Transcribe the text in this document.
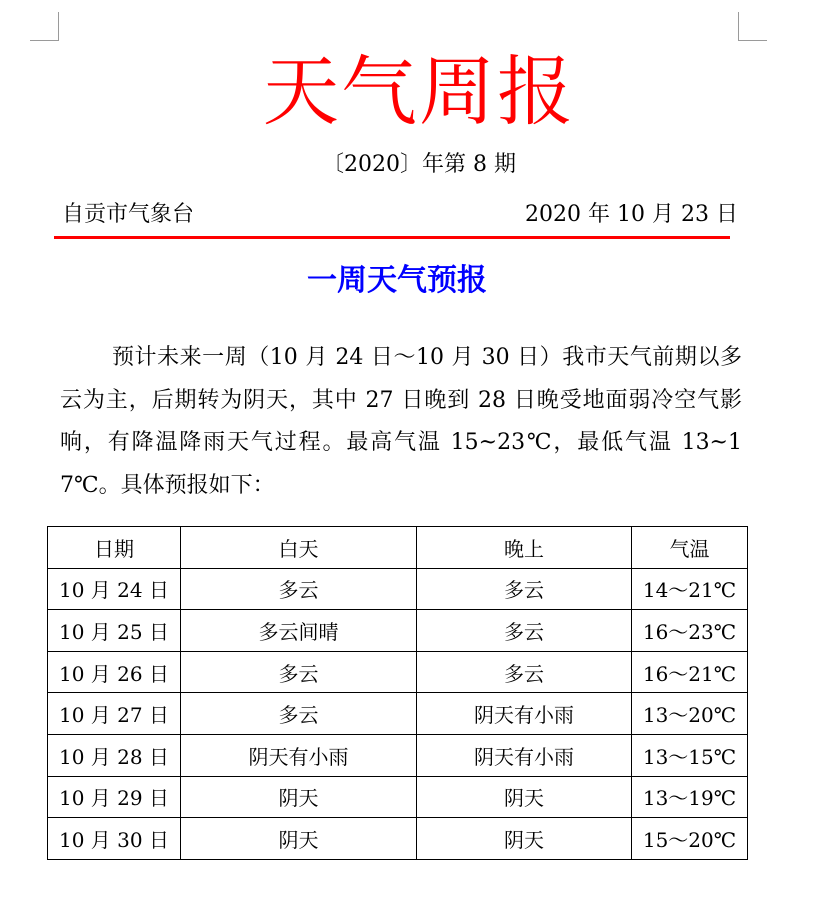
天气周报
〔2020〕年第 8 期
自贡市气象台	2020 年 10 月 23 日
一周天气预报

预计未来一周（10 月 24 日～10 月 30 日）我市天气前期以多云为主，后期转为阴天，其中 27 日晚到 28 日晚受地面弱冷空气影响，有降温降雨天气过程。最高气温 15~23℃，最低气温 13~17℃。具体预报如下：

日期	白天	晚上	气温
10 月 24 日	多云	多云	14～21℃
10 月 25 日	多云间晴	多云	16～23℃
10 月 26 日	多云	多云	16～21℃
10 月 27 日	多云	阴天有小雨	13～20℃
10 月 28 日	阴天有小雨	阴天有小雨	13～15℃
10 月 29 日	阴天	阴天	13～19℃
10 月 30 日	阴天	阴天	15～20℃
